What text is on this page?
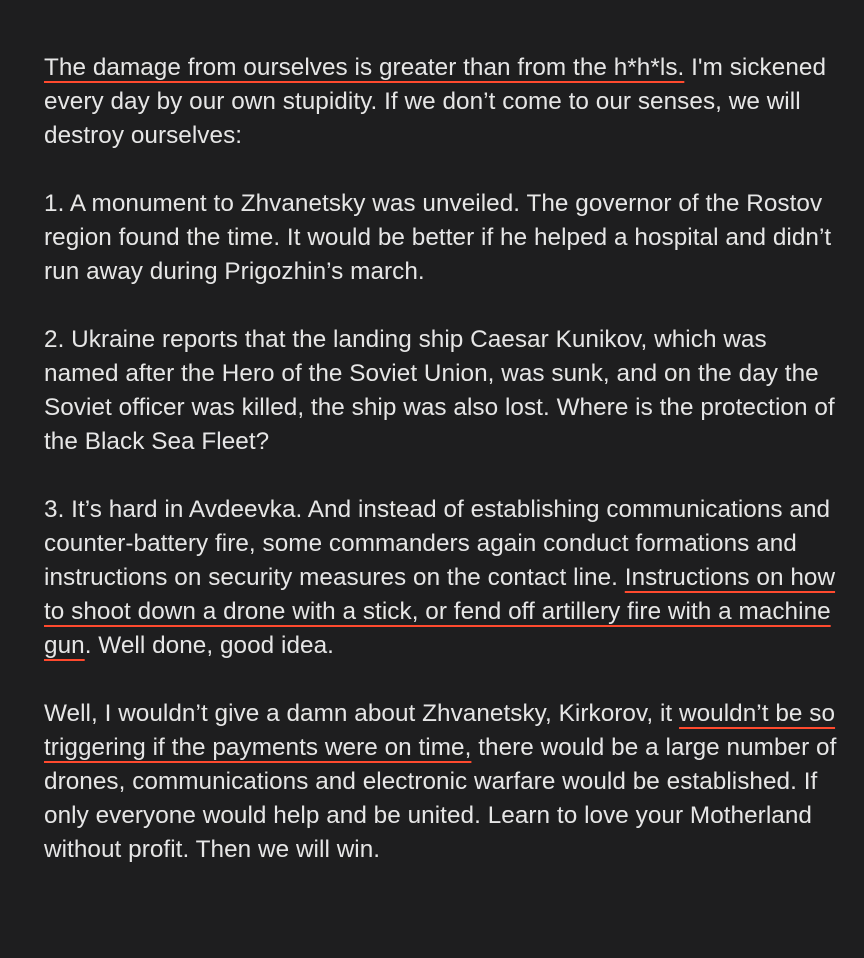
The damage from ourselves is greater than from the h*h*ls. I'm sickened every day by our own stupidity. If we don’t come to our senses, we will destroy ourselves:

1. A monument to Zhvanetsky was unveiled. The governor of the Rostov region found the time. It would be better if he helped a hospital and didn’t run away during Prigozhin’s march.

2. Ukraine reports that the landing ship Caesar Kunikov, which was named after the Hero of the Soviet Union, was sunk, and on the day the Soviet officer was killed, the ship was also lost. Where is the protection of the Black Sea Fleet?

3. It’s hard in Avdeevka. And instead of establishing communications and counter-battery fire, some commanders again conduct formations and instructions on security measures on the contact line. Instructions on how to shoot down a drone with a stick, or fend off artillery fire with a machine gun. Well done, good idea.

Well, I wouldn’t give a damn about Zhvanetsky, Kirkorov, it wouldn’t be so triggering if the payments were on time, there would be a large number of drones, communications and electronic warfare would be established. If only everyone would help and be united. Learn to love your Motherland without profit. Then we will win.
